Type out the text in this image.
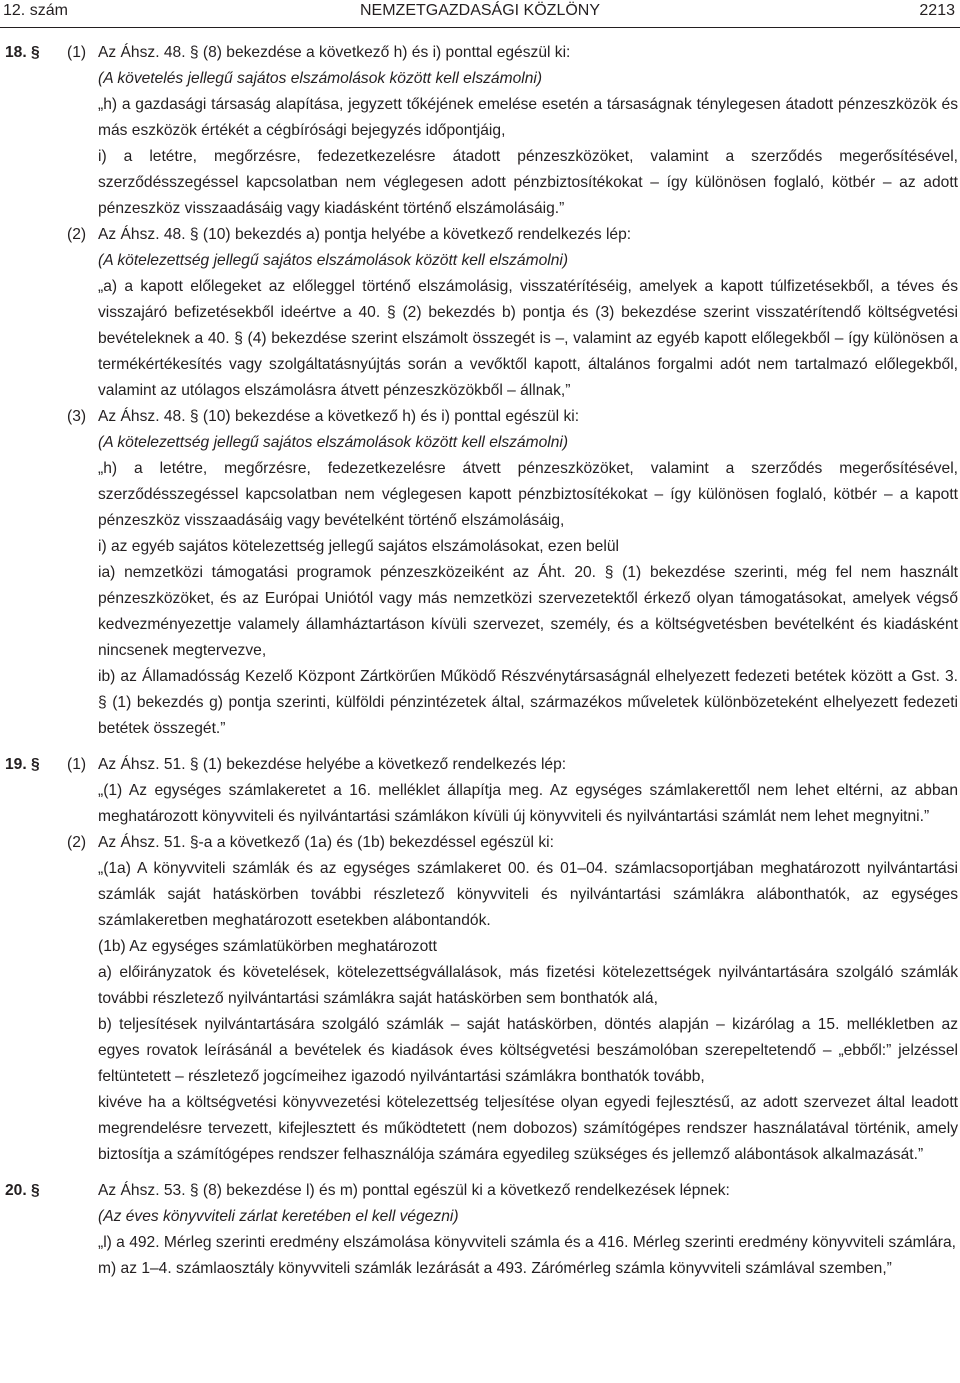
12. szám	NEMZETGAZDASÁGI KÖZLÖNY	2213
18. § (1) Az Áhsz. 48. § (8) bekezdése a következő h) és i) ponttal egészül ki:
(A követelés jellegű sajátos elszámolások között kell elszámolni)
„h) a gazdasági társaság alapítása, jegyzett tőkéjének emelése esetén a társaságnak ténylegesen átadott pénzeszközök és más eszközök értékét a cégbírósági bejegyzés időpontjáig,
i) a letétre, megőrzésre, fedezetkezelésre átadott pénzeszközöket, valamint a szerződés megerősítésével, szerződésszegéssel kapcsolatban nem véglegesen adott pénzbiztosítékokat – így különösen foglaló, kötbér – az adott pénzeszköz visszaadásáig vagy kiadásként történő elszámolásáig.”
(2) Az Áhsz. 48. § (10) bekezdés a) pontja helyébe a következő rendelkezés lép:
(A kötelezettség jellegű sajátos elszámolások között kell elszámolni)
„a) a kapott előlegeket az előleggel történő elszámolásig, visszatérítéséig, amelyek a kapott túlfizetésekből, a téves és visszajáró befizetésekből ideértve a 40. § (2) bekezdés b) pontja és (3) bekezdése szerint visszatérítendő költségvetési bevételeknek a 40. § (4) bekezdése szerint elszámolt összegét is –, valamint az egyéb kapott előlegekből – így különösen a termékértékesítés vagy szolgáltatásnyújtás során a vevőktől kapott, általános forgalmi adót nem tartalmazó előlegekből, valamint az utólagos elszámolásra átvett pénzeszközökből – állnak,”
(3) Az Áhsz. 48. § (10) bekezdése a következő h) és i) ponttal egészül ki:
(A kötelezettség jellegű sajátos elszámolások között kell elszámolni)
„h) a letétre, megőrzésre, fedezetkezelésre átvett pénzeszközöket, valamint a szerződés megerősítésével, szerződésszegéssel kapcsolatban nem véglegesen kapott pénzbiztosítékokat – így különösen foglaló, kötbér – a kapott pénzeszköz visszaadásáig vagy bevételként történő elszámolásáig,
i) az egyéb sajátos kötelezettség jellegű sajátos elszámolásokat, ezen belül
ia) nemzetközi támogatási programok pénzeszközeiként az Áht. 20. § (1) bekezdése szerinti, még fel nem használt pénzeszközöket, és az Európai Uniótól vagy más nemzetközi szervezetektől érkező olyan támogatásokat, amelyek végső kedvezményezettje valamely államháztartáson kívüli szervezet, személy, és a költségvetésben bevételként és kiadásként nincsenek megtervezve,
ib) az Államadósság Kezelő Központ Zártkörűen Működő Részvénytársaságnál elhelyezett fedezeti betétek között a Gst. 3. § (1) bekezdés g) pontja szerinti, külföldi pénzintézetek által, származékos műveletek különbözeteként elhelyezett fedezeti betétek összegét.”
19. § (1) Az Áhsz. 51. § (1) bekezdése helyébe a következő rendelkezés lép:
„(1) Az egységes számlakeretet a 16. melléklet állapítja meg. Az egységes számlakerettől nem lehet eltérni, az abban meghatározott könyvviteli és nyilvántartási számlákon kívüli új könyvviteli és nyilvántartási számlát nem lehet megnyitni.”
(2) Az Áhsz. 51. §-a a következő (1a) és (1b) bekezdéssel egészül ki:
„(1a) A könyvviteli számlák és az egységes számlakeret 00. és 01–04. számlacsoportjában meghatározott nyilvántartási számlák saját hatáskörben további részletező könyvviteli és nyilvántartási számlákra alábonthatók, az egységes számlakeretben meghatározott esetekben alábontandók.
(1b) Az egységes számlatükörben meghatározott
a) előirányzatok és követelések, kötelezettségvállalások, más fizetési kötelezettségek nyilvántartására szolgáló számlák további részletező nyilvántartási számlákra saját hatáskörben sem bonthatók alá,
b) teljesítések nyilvántartására szolgáló számlák – saját hatáskörben, döntés alapján – kizárólag a 15. mellékletben az egyes rovatok leírásánál a bevételek és kiadások éves költségvetési beszámolóban szerepeltetendő – „ebből:” jelzéssel feltüntetett – részletező jogcímeihez igazodó nyilvántartási számlákra bonthatók tovább,
kivéve ha a költségvetési könyvvezetési kötelezettség teljesítése olyan egyedi fejlesztésű, az adott szervezet által leadott megrendelésre tervezett, kifejlesztett és működtetett (nem dobozos) számítógépes rendszer használatával történik, amely biztosítja a számítógépes rendszer felhasználója számára egyedileg szükséges és jellemző alábontások alkalmazását.”
20. §	Az Áhsz. 53. § (8) bekezdése l) és m) ponttal egészül ki a következő rendelkezések lépnek:
(Az éves könyvviteli zárlat keretében el kell végezni)
„l) a 492. Mérleg szerinti eredmény elszámolása könyvviteli számla és a 416. Mérleg szerinti eredmény könyvviteli számlára,
m) az 1–4. számlaosztály könyvviteli számlák lezárását a 493. Zárómérleg számla könyvviteli számlával szemben,”
